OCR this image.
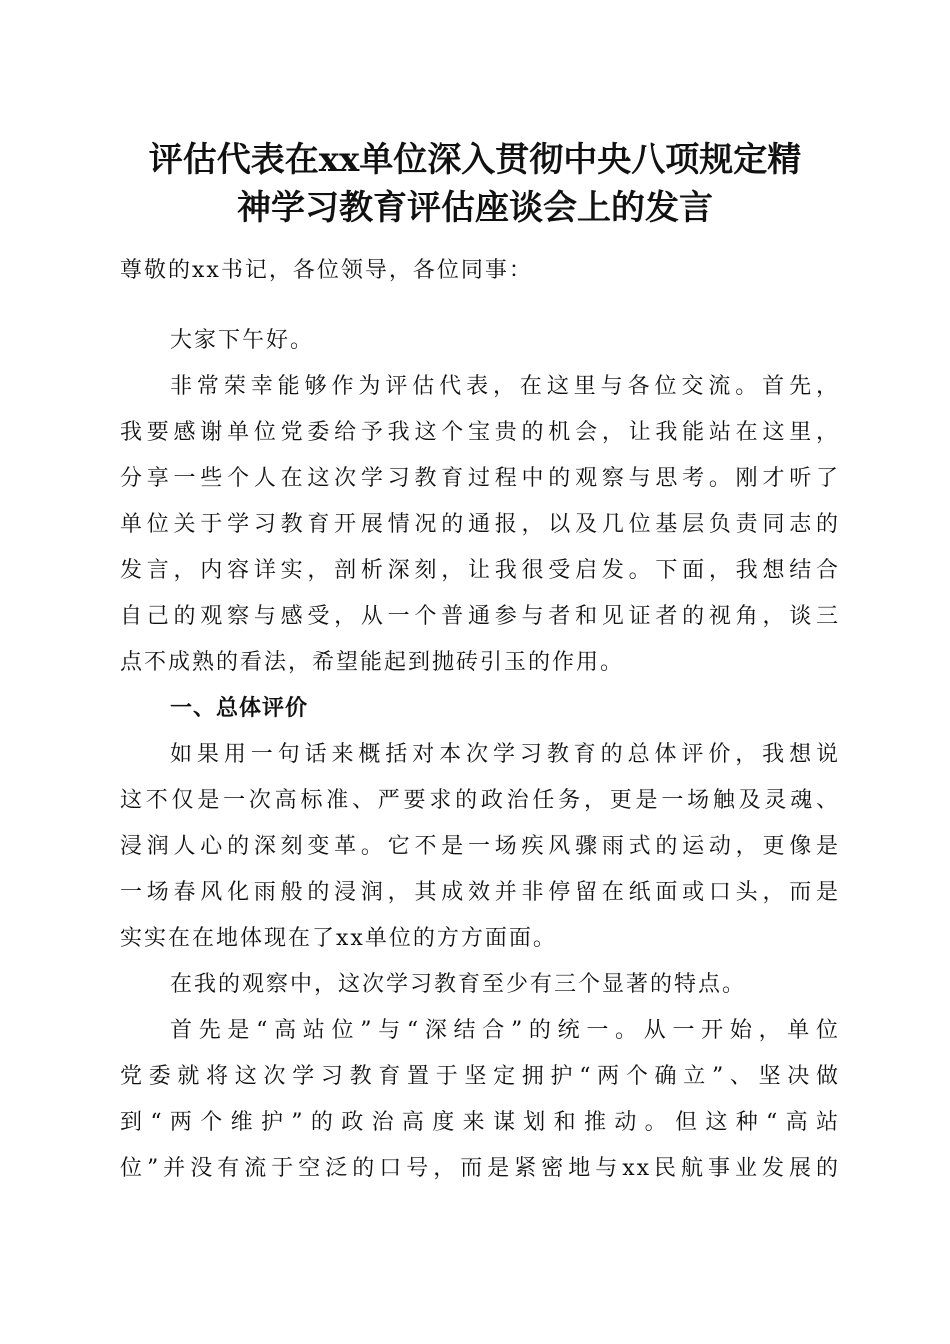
评估代表在xx单位深入贯彻中央八项规定精
神学习教育评估座谈会上的发言
尊敬的xx书记，各位领导，各位同事：
大家下午好。
非常荣幸能够作为评估代表，在这里与各位交流。首先，
我要感谢单位党委给予我这个宝贵的机会，让我能站在这里，
分享一些个人在这次学习教育过程中的观察与思考。刚才听了
单位关于学习教育开展情况的通报，以及几位基层负责同志的
发言，内容详实，剖析深刻，让我很受启发。下面，我想结合
自己的观察与感受，从一个普通参与者和见证者的视角，谈三
点不成熟的看法，希望能起到抛砖引玉的作用。
一、总体评价
如果用一句话来概括对本次学习教育的总体评价，我想说
这不仅是一次高标准、严要求的政治任务，更是一场触及灵魂、
浸润人心的深刻变革。它不是一场疾风骤雨式的运动，更像是
一场春风化雨般的浸润，其成效并非停留在纸面或口头，而是
实实在在地体现在了xx单位的方方面面。
在我的观察中，这次学习教育至少有三个显著的特点。
首先是“高站位”与“深结合”的统一。从一开始，单位
党委就将这次学习教育置于坚定拥护“两个确立”、坚决做
到“两个维护”的政治高度来谋划和推动。但这种“高站
位”并没有流于空泛的口号，而是紧密地与xx民航事业发展的
